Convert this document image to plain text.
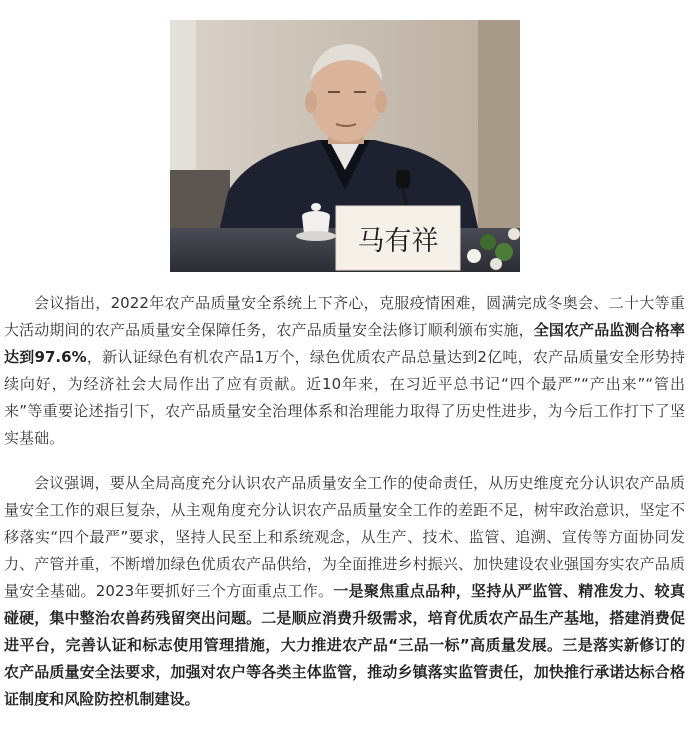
马有祥

会议指出，2022年农产品质量安全系统上下齐心，克服疫情困难，圆满完成冬奥会、二十大等重大活动期间的农产品质量安全保障任务，农产品质量安全法修订顺利颁布实施，全国农产品监测合格率达到97.6%，新认证绿色有机农产品1万个，绿色优质农产品总量达到2亿吨，农产品质量安全形势持续向好，为经济社会大局作出了应有贡献。近10年来，在习近平总书记“四个最严”“产出来”“管出来”等重要论述指引下，农产品质量安全治理体系和治理能力取得了历史性进步，为今后工作打下了坚实基础。

会议强调，要从全局高度充分认识农产品质量安全工作的使命责任，从历史维度充分认识农产品质量安全工作的艰巨复杂，从主观角度充分认识农产品质量安全工作的差距不足，树牢政治意识，坚定不移落实“四个最严”要求，坚持人民至上和系统观念，从生产、技术、监管、追溯、宣传等方面协同发力、产管并重，不断增加绿色优质农产品供给，为全面推进乡村振兴、加快建设农业强国夯实农产品质量安全基础。2023年要抓好三个方面重点工作。一是聚焦重点品种，坚持从严监管、精准发力、较真碰硬，集中整治农兽药残留突出问题。二是顺应消费升级需求，培育优质农产品生产基地，搭建消费促进平台，完善认证和标志使用管理措施，大力推进农产品“三品一标”高质量发展。三是落实新修订的农产品质量安全法要求，加强对农户等各类主体监管，推动乡镇落实监管责任，加快推行承诺达标合格证制度和风险防控机制建设。
